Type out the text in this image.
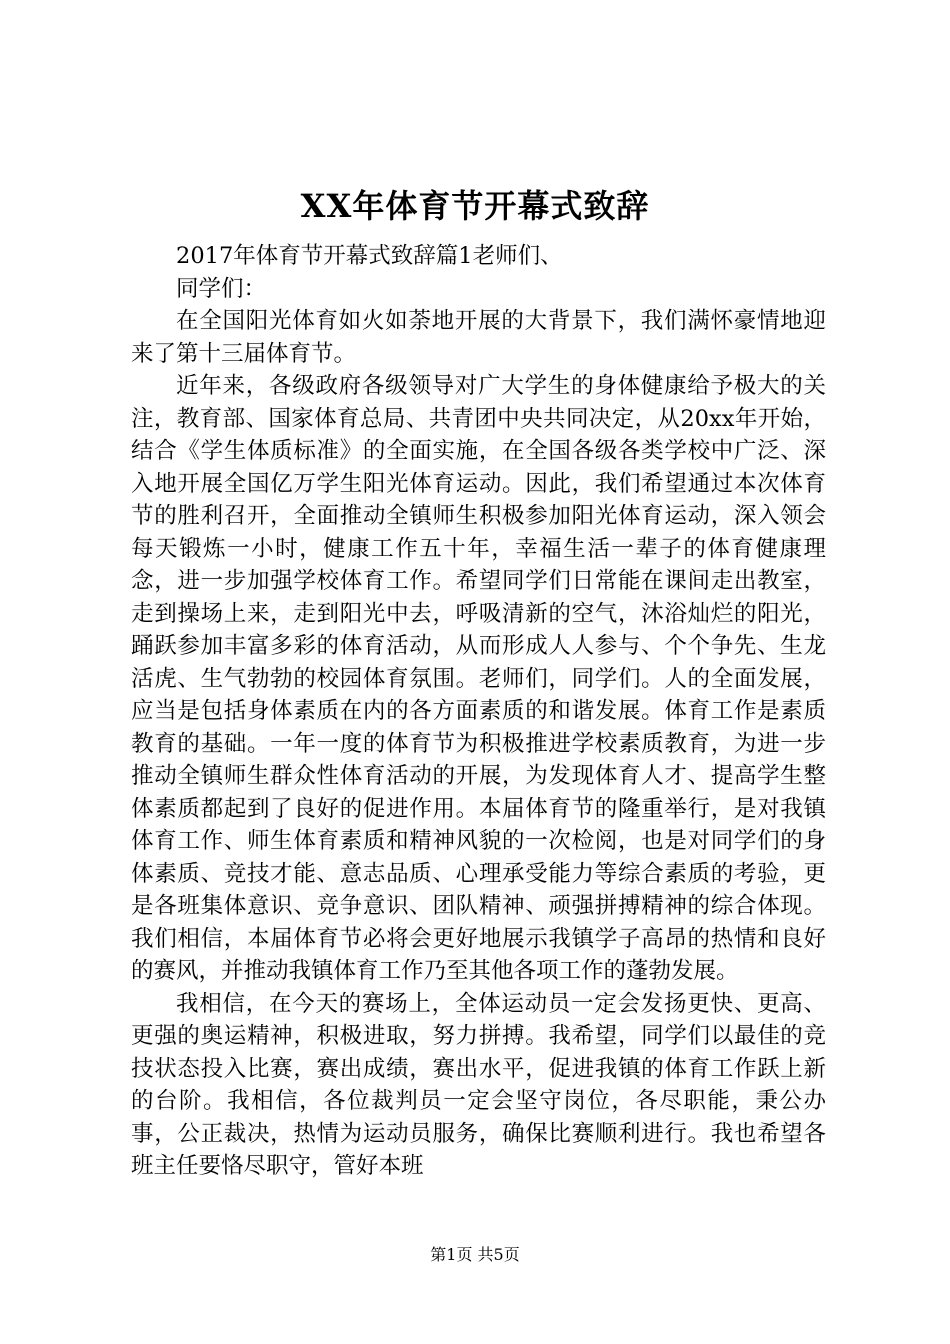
XX年体育节开幕式致辞

2017年体育节开幕式致辞篇1老师们、

同学们：

在全国阳光体育如火如荼地开展的大背景下，我们满怀豪情地迎来了第十三届体育节。

近年来，各级政府各级领导对广大学生的身体健康给予极大的关注，教育部、国家体育总局、共青团中央共同决定，从20xx年开始，结合《学生体质标准》的全面实施，在全国各级各类学校中广泛、深入地开展全国亿万学生阳光体育运动。因此，我们希望通过本次体育节的胜利召开，全面推动全镇师生积极参加阳光体育运动，深入领会每天锻炼一小时，健康工作五十年，幸福生活一辈子的体育健康理念，进一步加强学校体育工作。希望同学们日常能在课间走出教室，走到操场上来，走到阳光中去，呼吸清新的空气，沐浴灿烂的阳光，踊跃参加丰富多彩的体育活动，从而形成人人参与、个个争先、生龙活虎、生气勃勃的校园体育氛围。老师们，同学们。人的全面发展，应当是包括身体素质在内的各方面素质的和谐发展。体育工作是素质教育的基础。一年一度的体育节为积极推进学校素质教育，为进一步推动全镇师生群众性体育活动的开展，为发现体育人才、提高学生整体素质都起到了良好的促进作用。本届体育节的隆重举行，是对我镇体育工作、师生体育素质和精神风貌的一次检阅，也是对同学们的身体素质、竞技才能、意志品质、心理承受能力等综合素质的考验，更是各班集体意识、竞争意识、团队精神、顽强拼搏精神的综合体现。我们相信，本届体育节必将会更好地展示我镇学子高昂的热情和良好的赛风，并推动我镇体育工作乃至其他各项工作的蓬勃发展。

我相信，在今天的赛场上，全体运动员一定会发扬更快、更高、更强的奥运精神，积极进取，努力拼搏。我希望，同学们以最佳的竞技状态投入比赛，赛出成绩，赛出水平，促进我镇的体育工作跃上新的台阶。我相信，各位裁判员一定会坚守岗位，各尽职能，秉公办事，公正裁决，热情为运动员服务，确保比赛顺利进行。我也希望各班主任要恪尽职守，管好本班

第1页 共5页
